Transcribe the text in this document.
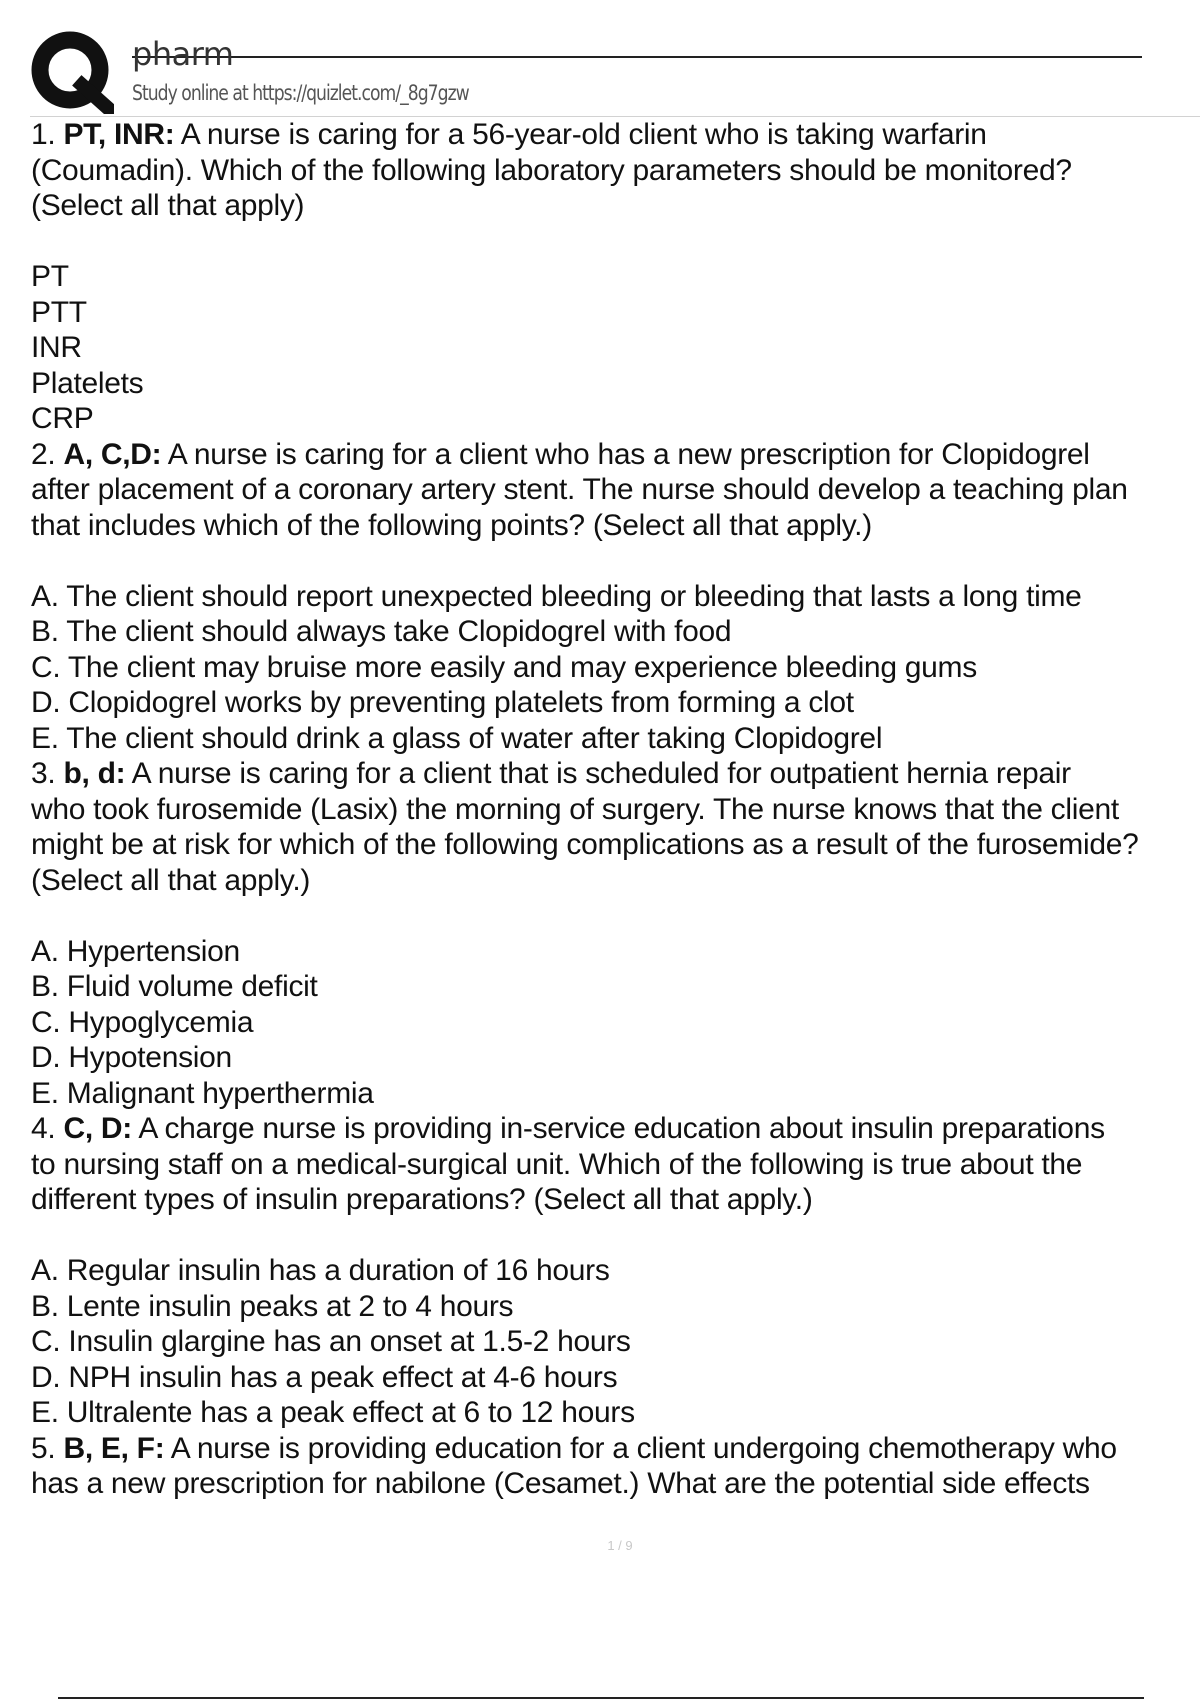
pharm
Study online at https://quizlet.com/_8g7gzw
1. PT, INR: A nurse is caring for a 56-year-old client who is taking warfarin
(Coumadin). Which of the following laboratory parameters should be monitored?
(Select all that apply)
PT
PTT
INR
Platelets
CRP
2. A, C,D: A nurse is caring for a client who has a new prescription for Clopidogrel
after placement of a coronary artery stent. The nurse should develop a teaching plan
that includes which of the following points? (Select all that apply.)
A. The client should report unexpected bleeding or bleeding that lasts a long time
B. The client should always take Clopidogrel with food
C. The client may bruise more easily and may experience bleeding gums
D. Clopidogrel works by preventing platelets from forming a clot
E. The client should drink a glass of water after taking Clopidogrel
3. b, d: A nurse is caring for a client that is scheduled for outpatient hernia repair
who took furosemide (Lasix) the morning of surgery. The nurse knows that the client
might be at risk for which of the following complications as a result of the furosemide?
(Select all that apply.)
A. Hypertension
B. Fluid volume deficit
C. Hypoglycemia
D. Hypotension
E. Malignant hyperthermia
4. C, D: A charge nurse is providing in-service education about insulin preparations
to nursing staff on a medical-surgical unit. Which of the following is true about the
different types of insulin preparations? (Select all that apply.)
A. Regular insulin has a duration of 16 hours
B. Lente insulin peaks at 2 to 4 hours
C. Insulin glargine has an onset at 1.5-2 hours
D. NPH insulin has a peak effect at 4-6 hours
E. Ultralente has a peak effect at 6 to 12 hours
5. B, E, F: A nurse is providing education for a client undergoing chemotherapy who
has a new prescription for nabilone (Cesamet.) What are the potential side effects
1 / 9
